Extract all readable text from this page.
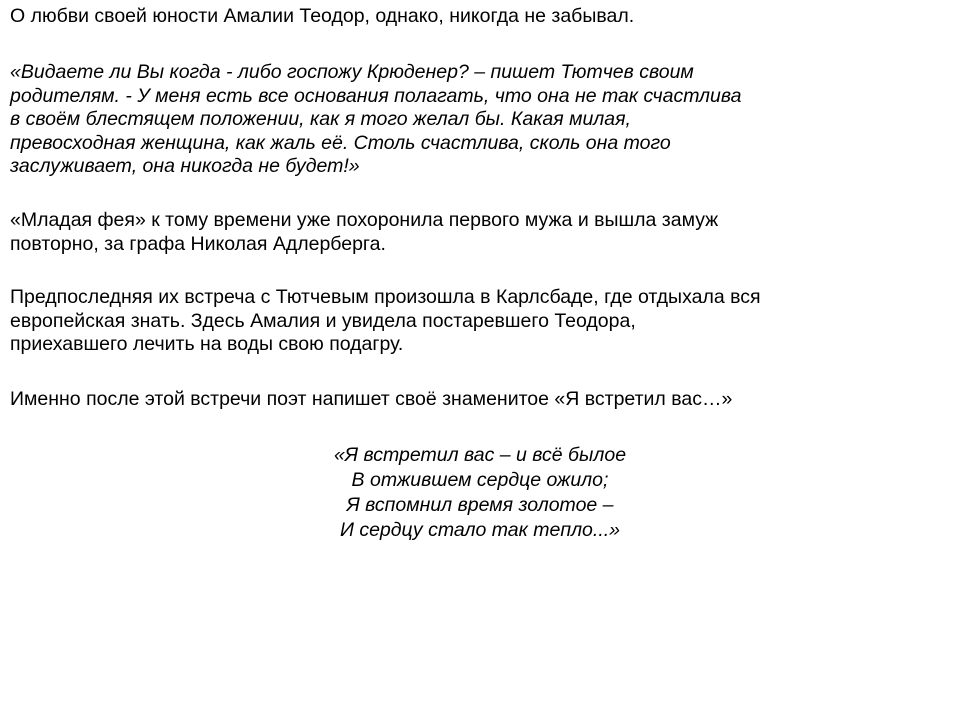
О любви своей юности Амалии Теодор, однако, никогда не забывал.

«Видаете ли Вы когда - либо госпожу Крюденер? – пишет Тютчев своим
родителям. - У меня есть все основания полагать, что она не так счастлива
в своём блестящем положении, как я того желал бы. Какая милая,
превосходная женщина, как жаль её. Столь счастлива, сколь она того
заслуживает, она никогда не будет!»

«Младая фея» к тому времени уже похоронила первого мужа и вышла замуж
повторно, за графа Николая Адлерберга.

Предпоследняя их встреча с Тютчевым произошла в Карлсбаде, где отдыхала вся
европейская знать. Здесь Амалия и увидела постаревшего Теодора,
приехавшего лечить на воды свою подагру.

Именно после этой встречи поэт напишет своё знаменитое «Я встретил вас…»

«Я встретил вас – и всё былое
В отжившем сердце ожило;
Я вспомнил время золотое –
И сердцу стало так тепло...»
